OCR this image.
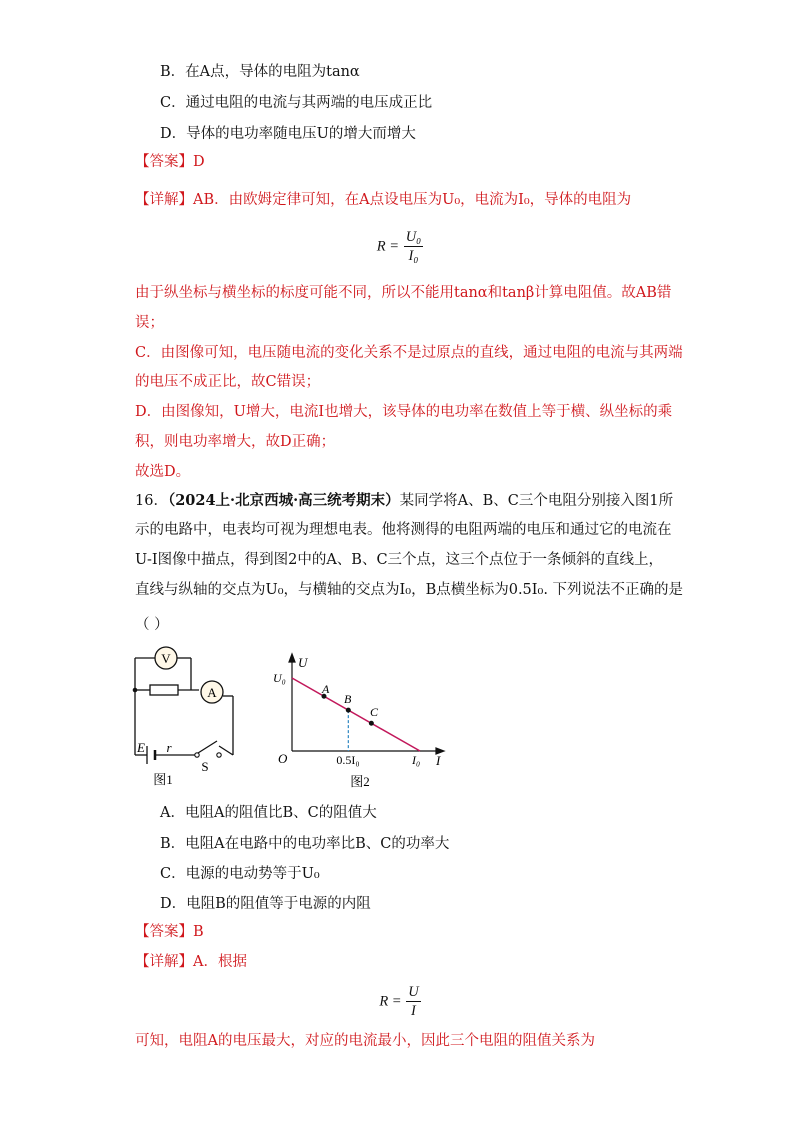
B．在A点，导体的电阻为tanα
C．通过电阻的电流与其两端的电压成正比
D．导体的电功率随电压U的增大而增大
【答案】D
【详解】AB．由欧姆定律可知，在A点设电压为U₀，电流为I₀，导体的电阻为
$R = \frac{\text{U₀}}{\text{I₀}}$
由于纵坐标与横坐标的标度可能不同，所以不能用tanα和tanβ计算电阻值。故AB错
误；
C．由图像可知，电压随电流的变化关系不是过原点的直线，通过电阻的电流与其两端
的电压不成正比，故C错误；
D．由图像知，U增大，电流I也增大，该导体的电功率在数值上等于横、纵坐标的乘
积，则电功率增大，故D正确；
故选D。
16．（2024上·北京西城·高三统考期末）某同学将A、B、C三个电阻分别接入图1所
示的电路中，电表均可视为理想电表。他将测得的电阻两端的电压和通过它的电流在
U-I图像中描点，得到图2中的A、B、C三个点，这三个点位于一条倾斜的直线上，
直线与纵轴的交点为U₀，与横轴的交点为I₀，B点横坐标为0.5I₀. 下列说法不正确的是
（ ）
V
A
E r
S
图1
U
I
O
U₀
I₀
0.5I₀
A
B
C
图2
A．电阻A的阻值比B、C的阻值大
B．电阻A在电路中的电功率比B、C的功率大
C．电源的电动势等于U₀
D．电阻B的阻值等于电源的内阻
【答案】B
【详解】A．根据
$R = \frac{U}{I}$
可知，电阻A的电压最大，对应的电流最小，因此三个电阻的阻值关系为
